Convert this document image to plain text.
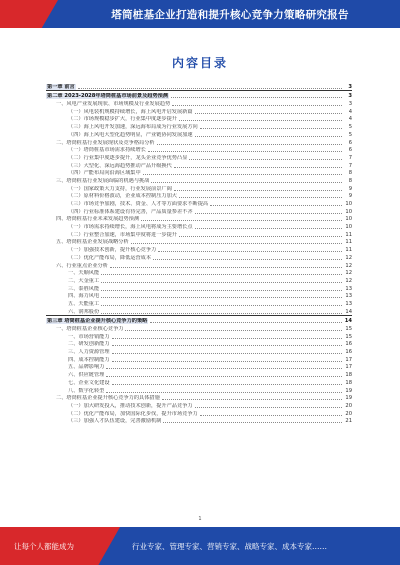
塔筒桩基企业打造和提升核心竞争力策略研究报告
内容目录
第一章 前言	3
第二章 2023-2028年塔筒桩基市场前景及趋势预测	3
一、风电产业发展现状、市场规模及行业发展趋势	3
（一）风电装机规模持续增长，海上风电开启发展新篇	4
（二）市场规模稳步扩大，行业集中度逐步提升	4
（三）海上风电开发加速，深远海布局成为行业发展方向	5
（四）海上风电大型化趋势明显，产业链协同发展加速	5
二、塔筒桩基行业发展现状及竞争格局分析	6
（一）塔筒桩基市场需求持续增长	6
（二）行业集中度逐步提升，龙头企业竞争优势凸显	7
（三）大型化、深远海趋势推动产品升级换代	7
（四）产能布局向沿海区域集中	8
三、塔筒桩基行业发展面临的机遇与挑战	8
（一）国家政策大力支持，行业发展前景广阔	9
（二）原材料价格波动，企业成本控制压力加大	9
（三）市场竞争加剧，技术、资金、人才等方面要求不断提高	10
（四）行业标准体系建设有待完善，产品质量参差不齐	10
四、塔筒桩基行业未来发展趋势预测	10
（一）市场需求持续增长，海上风电将成为主要增长点	10
（二）行业整合加速，市场集中度将进一步提升	11
五、塔筒桩基企业发展战略分析	11
（一）加强技术创新，提升核心竞争力	11
（二）优化产能布局，降低运营成本	12
六、行业重点企业分析	12
一、天顺风能	12
二、大金重工	12
三、泰胜风能	13
四、海力风电	13
五、天能重工	13
六、润邦股份	14
第三章 塔筒桩基企业提升核心竞争力的策略	14
一、塔筒桩基企业核心竞争力	15
一、市场营销能力	15
二、研发创新能力	16
三、人力资源管理	16
四、成本控制能力	17
五、品牌影响力	17
六、供应链管理	18
七、企业文化建设	18
八、数字化转型	19
二、塔筒桩基企业提升核心竞争力的具体措施	19
（一）加大研发投入，推动技术创新，提升产品竞争力	20
（二）优化产能布局，加快国际化步伐，提升市场竞争力	20
（三）加强人才队伍建设，完善激励机制	21
1
让每个人都能成为	行业专家、管理专家、营销专家、战略专家、成本专家……
